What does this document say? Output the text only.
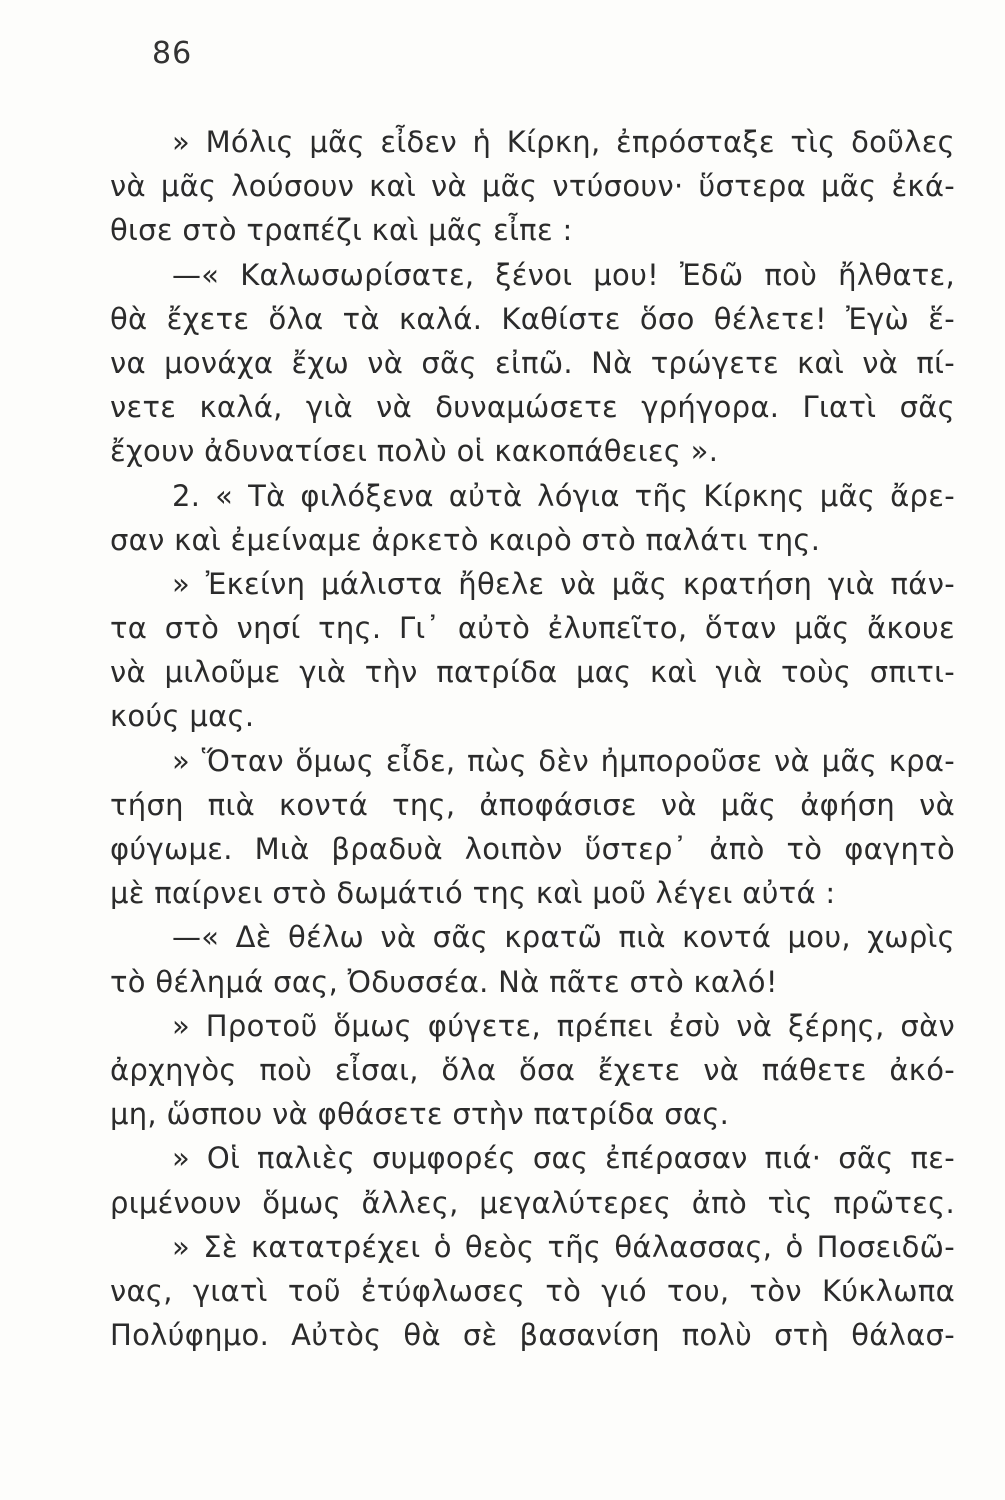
86
» Μόλις μᾶς εἶδεν ἡ Κίρκη, ἐπρόσταξε τὶς δοῦλες
νὰ μᾶς λούσουν καὶ νὰ μᾶς ντύσουν· ὕστερα μᾶς ἐκά-
θισε στὸ τραπέζι καὶ μᾶς εἶπε :
—« Καλωσωρίσατε, ξένοι μου! Ἐδῶ ποὺ ἤλθατε,
θὰ ἔχετε ὅλα τὰ καλά. Καθίστε ὅσο θέλετε! Ἐγὼ ἕ-
να μονάχα ἔχω νὰ σᾶς εἰπῶ. Νὰ τρώγετε καὶ νὰ πί-
νετε καλά, γιὰ νὰ δυναμώσετε γρήγορα. Γιατὶ σᾶς
ἔχουν ἀδυνατίσει πολὺ οἱ κακοπάθειες ».
2. « Τὰ φιλόξενα αὐτὰ λόγια τῆς Κίρκης μᾶς ἄρε-
σαν καὶ ἐμείναμε ἀρκετὸ καιρὸ στὸ παλάτι της.
» Ἐκείνη μάλιστα ἤθελε νὰ μᾶς κρατήση γιὰ πάν-
τα στὸ νησί της. Γι᾽ αὐτὸ ἐλυπεῖτο, ὅταν μᾶς ἄκουε
νὰ μιλοῦμε γιὰ τὴν πατρίδα μας καὶ γιὰ τοὺς σπιτι-
κούς μας.
» Ὅταν ὅμως εἶδε, πὼς δὲν ἠμποροῦσε νὰ μᾶς κρα-
τήση πιὰ κοντά της, ἀποφάσισε νὰ μᾶς ἀφήση νὰ
φύγωμε. Μιὰ βραδυὰ λοιπὸν ὕστερ᾽ ἀπὸ τὸ φαγητὸ
μὲ παίρνει στὸ δωμάτιό της καὶ μοῦ λέγει αὐτά :
—« Δὲ θέλω νὰ σᾶς κρατῶ πιὰ κοντά μου, χωρὶς
τὸ θέλημά σας, Ὀδυσσέα. Νὰ πᾶτε στὸ καλό!
» Προτοῦ ὅμως φύγετε, πρέπει ἐσὺ νὰ ξέρης, σὰν
ἀρχηγὸς ποὺ εἶσαι, ὅλα ὅσα ἔχετε νὰ πάθετε ἀκό-
μη, ὥσπου νὰ φθάσετε στὴν πατρίδα σας.
» Οἱ παλιὲς συμφορές σας ἐπέρασαν πιά· σᾶς πε-
ριμένουν ὅμως ἄλλες, μεγαλύτερες ἀπὸ τὶς πρῶτες.
» Σὲ κατατρέχει ὁ θεὸς τῆς θάλασσας, ὁ Ποσειδῶ-
νας, γιατὶ τοῦ ἐτύφλωσες τὸ γιό του, τὸν Κύκλωπα
Πολύφημο. Αὐτὸς θὰ σὲ βασανίση πολὺ στὴ θάλασ-
